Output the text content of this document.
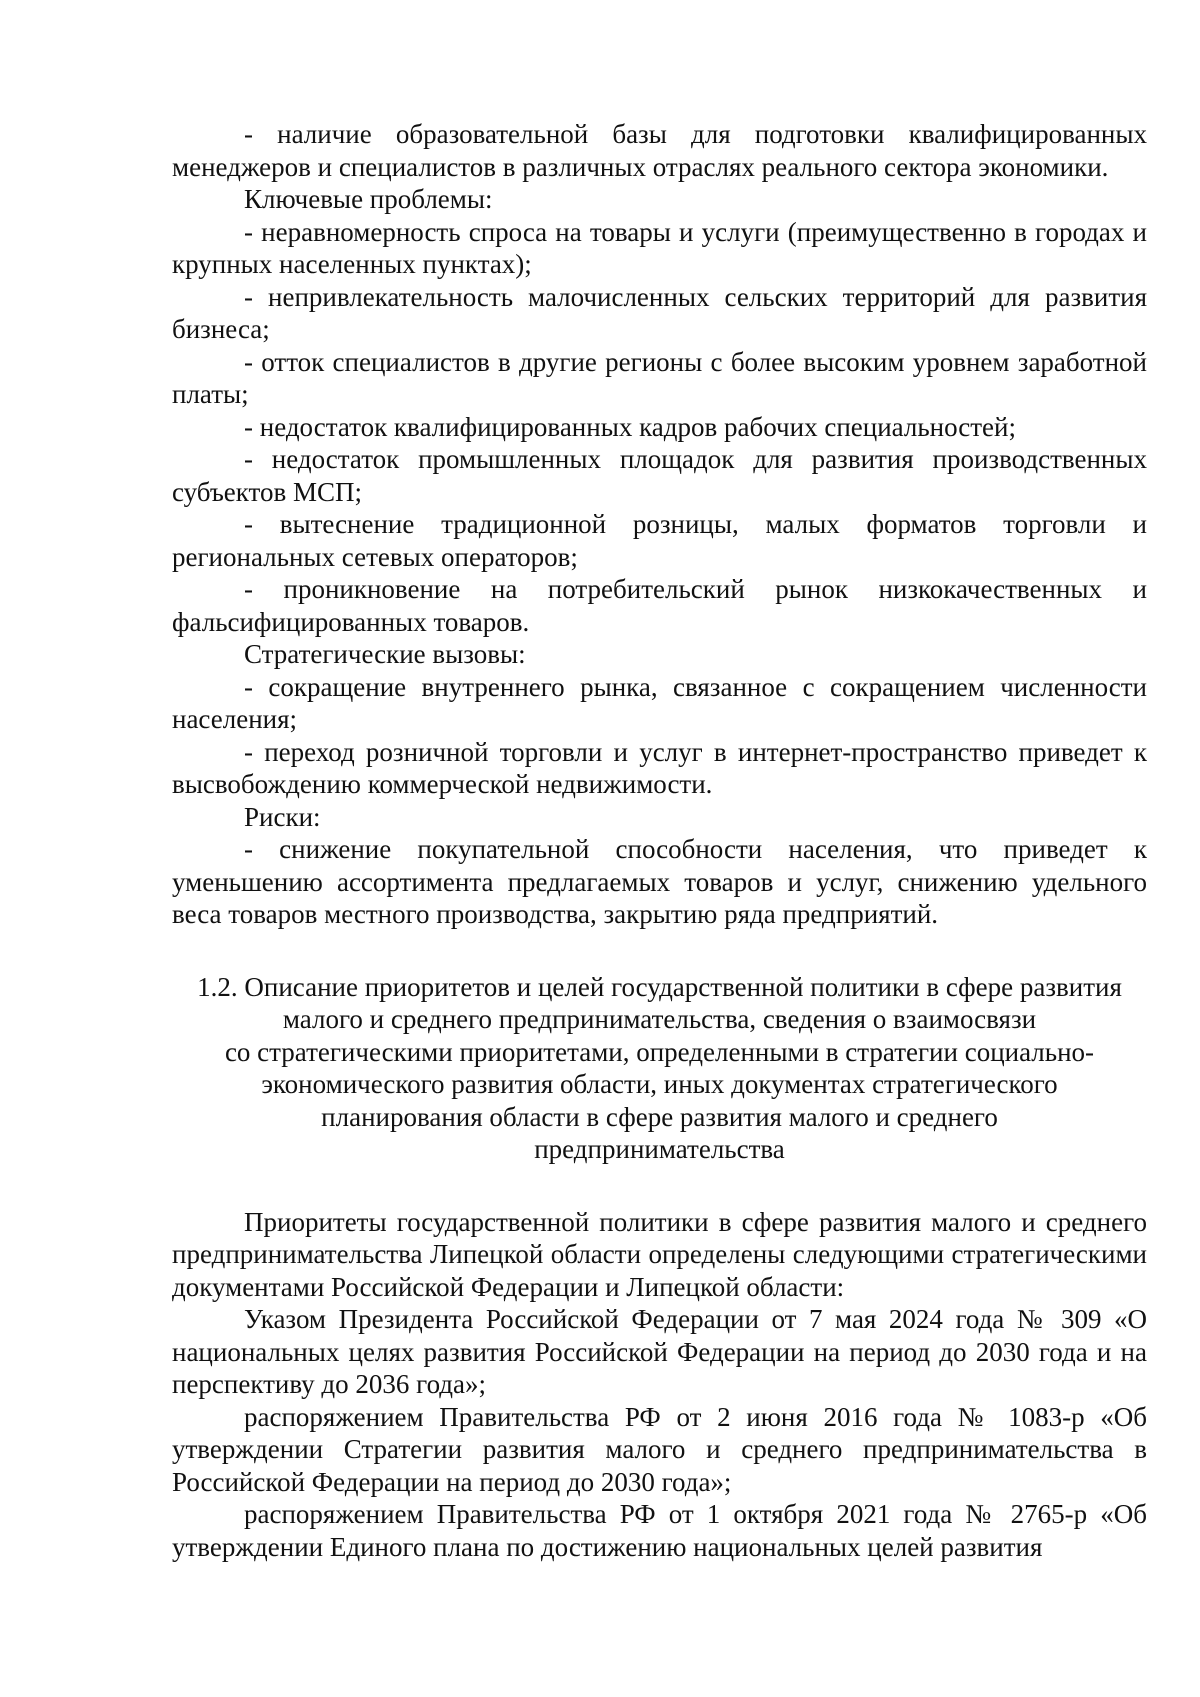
- наличие образовательной базы для подготовки квалифицированных менеджеров и специалистов в различных отраслях реального сектора экономики.

Ключевые проблемы:

- неравномерность спроса на товары и услуги (преимущественно в городах и крупных населенных пунктах);

- непривлекательность малочисленных сельских территорий для развития бизнеса;

- отток специалистов в другие регионы с более высоким уровнем заработной платы;

- недостаток квалифицированных кадров рабочих специальностей;

- недостаток промышленных площадок для развития производственных субъектов МСП;

- вытеснение традиционной розницы, малых форматов торговли и региональных сетевых операторов;

- проникновение на потребительский рынок низкокачественных и фальсифицированных товаров.

Стратегические вызовы:

- сокращение внутреннего рынка, связанное с сокращением численности населения;

- переход розничной торговли и услуг в интернет-пространство приведет к высвобождению коммерческой недвижимости.

Риски:

- снижение покупательной способности населения, что приведет к уменьшению ассортимента предлагаемых товаров и услуг, снижению удельного веса товаров местного производства, закрытию ряда предприятий.

1.2. Описание приоритетов и целей государственной политики в сфере развития
малого и среднего предпринимательства, сведения о взаимосвязи
со стратегическими приоритетами, определенными в стратегии социально-
экономического развития области, иных документах стратегического
планирования области в сфере развития малого и среднего
предпринимательства

Приоритеты государственной политики в сфере развития малого и среднего предпринимательства Липецкой области определены следующими стратегическими документами Российской Федерации и Липецкой области:

Указом Президента Российской Федерации от 7 мая 2024 года № 309 «О национальных целях развития Российской Федерации на период до 2030 года и на перспективу до 2036 года»;

распоряжением Правительства РФ от 2 июня 2016 года № 1083-р «Об утверждении Стратегии развития малого и среднего предпринимательства в Российской Федерации на период до 2030 года»;

распоряжением Правительства РФ от 1 октября 2021 года № 2765-р «Об утверждении Единого плана по достижению национальных целей развития
